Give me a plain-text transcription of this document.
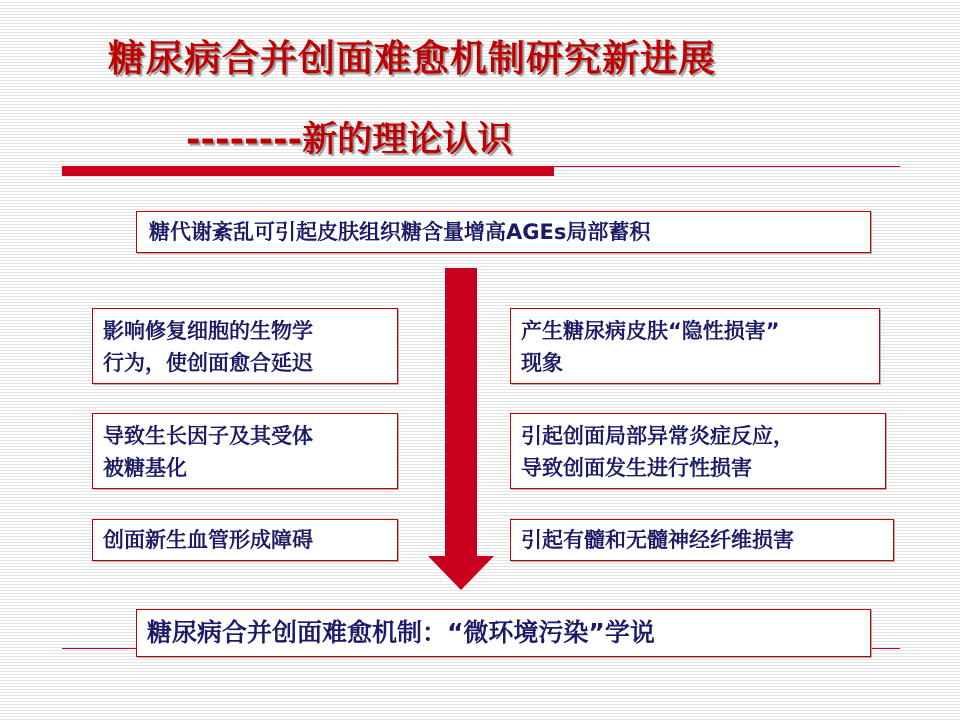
糖尿病合并创面难愈机制研究新进展
--------新的理论认识
糖代谢紊乱可引起皮肤组织糖含量增高AGEs局部蓄积
影响修复细胞的生物学
行为，使创面愈合延迟
导致生长因子及其受体
被糖基化
创面新生血管形成障碍
产生糖尿病皮肤“隐性损害”
现象
引起创面局部异常炎症反应，
导致创面发生进行性损害
引起有髓和无髓神经纤维损害
糖尿病合并创面难愈机制：“微环境污染”学说
